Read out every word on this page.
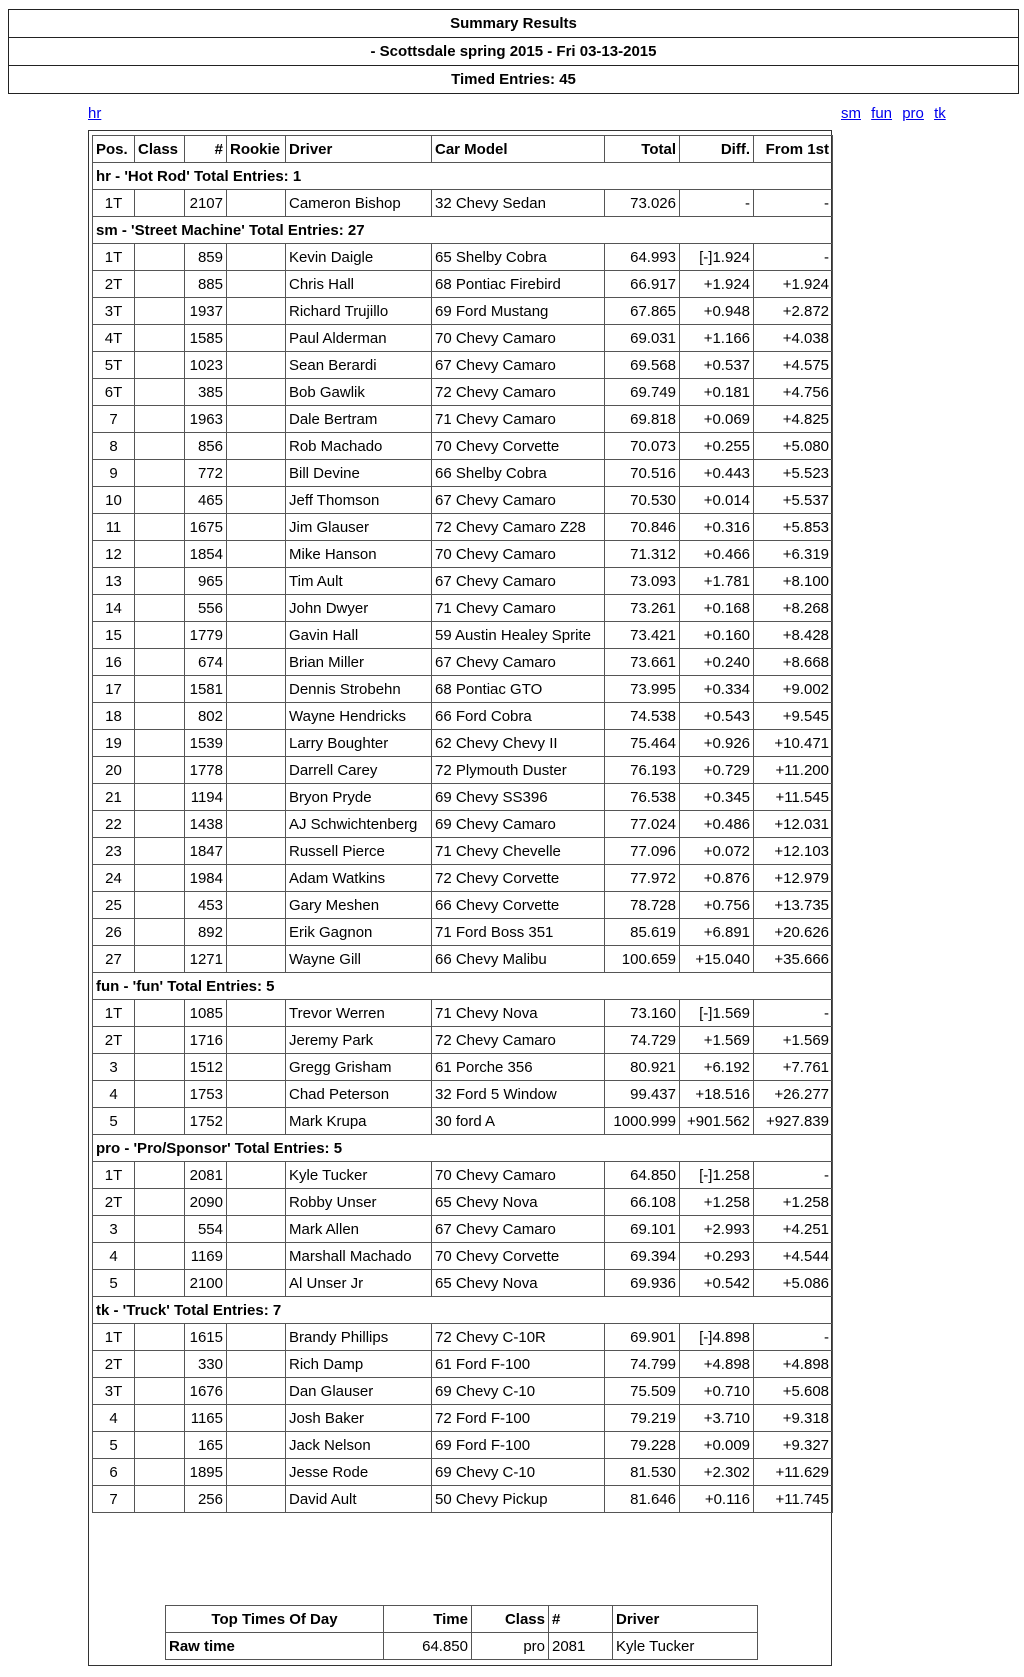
Summary Results
- Scottsdale spring 2015 - Fri 03-13-2015
Timed Entries: 45
hr	sm fun pro tk
Pos.	Class	#	Rookie	Driver	Car Model	Total	Diff.	From 1st
hr - 'Hot Rod' Total Entries: 1								
1T		2107		Cameron Bishop	32 Chevy Sedan	73.026	-	-
sm - 'Street Machine' Total Entries: 27								
1T		859		Kevin Daigle	65 Shelby Cobra	64.993	[-]1.924	-
2T		885		Chris Hall	68 Pontiac Firebird	66.917	+1.924	+1.924
3T		1937		Richard Trujillo	69 Ford Mustang	67.865	+0.948	+2.872
4T		1585		Paul Alderman	70 Chevy Camaro	69.031	+1.166	+4.038
5T		1023		Sean Berardi	67 Chevy Camaro	69.568	+0.537	+4.575
6T		385		Bob Gawlik	72 Chevy Camaro	69.749	+0.181	+4.756
7		1963		Dale Bertram	71 Chevy Camaro	69.818	+0.069	+4.825
8		856		Rob Machado	70 Chevy Corvette	70.073	+0.255	+5.080
9		772		Bill Devine	66 Shelby Cobra	70.516	+0.443	+5.523
10		465		Jeff Thomson	67 Chevy Camaro	70.530	+0.014	+5.537
11		1675		Jim Glauser	72 Chevy Camaro Z28	70.846	+0.316	+5.853
12		1854		Mike Hanson	70 Chevy Camaro	71.312	+0.466	+6.319
13		965		Tim Ault	67 Chevy Camaro	73.093	+1.781	+8.100
14		556		John Dwyer	71 Chevy Camaro	73.261	+0.168	+8.268
15		1779		Gavin Hall	59 Austin Healey Sprite	73.421	+0.160	+8.428
16		674		Brian Miller	67 Chevy Camaro	73.661	+0.240	+8.668
17		1581		Dennis Strobehn	68 Pontiac GTO	73.995	+0.334	+9.002
18		802		Wayne Hendricks	66 Ford Cobra	74.538	+0.543	+9.545
19		1539		Larry Boughter	62 Chevy Chevy II	75.464	+0.926	+10.471
20		1778		Darrell Carey	72 Plymouth Duster	76.193	+0.729	+11.200
21		1194		Bryon Pryde	69 Chevy SS396	76.538	+0.345	+11.545
22		1438		AJ Schwichtenberg	69 Chevy Camaro	77.024	+0.486	+12.031
23		1847		Russell Pierce	71 Chevy Chevelle	77.096	+0.072	+12.103
24		1984		Adam Watkins	72 Chevy Corvette	77.972	+0.876	+12.979
25		453		Gary Meshen	66 Chevy Corvette	78.728	+0.756	+13.735
26		892		Erik Gagnon	71 Ford Boss 351	85.619	+6.891	+20.626
27		1271		Wayne Gill	66 Chevy Malibu	100.659	+15.040	+35.666
fun - 'fun' Total Entries: 5								
1T		1085		Trevor Werren	71 Chevy Nova	73.160	[-]1.569	-
2T		1716		Jeremy Park	72 Chevy Camaro	74.729	+1.569	+1.569
3		1512		Gregg Grisham	61 Porche 356	80.921	+6.192	+7.761
4		1753		Chad Peterson	32 Ford 5 Window	99.437	+18.516	+26.277
5		1752		Mark Krupa	30 ford A	1000.999	+901.562	+927.839
pro - 'Pro/Sponsor' Total Entries: 5								
1T		2081		Kyle Tucker	70 Chevy Camaro	64.850	[-]1.258	-
2T		2090		Robby Unser	65 Chevy Nova	66.108	+1.258	+1.258
3		554		Mark Allen	67 Chevy Camaro	69.101	+2.993	+4.251
4		1169		Marshall Machado	70 Chevy Corvette	69.394	+0.293	+4.544
5		2100		Al Unser Jr	65 Chevy Nova	69.936	+0.542	+5.086
tk - 'Truck' Total Entries: 7								
1T		1615		Brandy Phillips	72 Chevy C-10R	69.901	[-]4.898	-
2T		330		Rich Damp	61 Ford F-100	74.799	+4.898	+4.898
3T		1676		Dan Glauser	69 Chevy C-10	75.509	+0.710	+5.608
4		1165		Josh Baker	72 Ford F-100	79.219	+3.710	+9.318
5		165		Jack Nelson	69 Ford F-100	79.228	+0.009	+9.327
6		1895		Jesse Rode	69 Chevy C-10	81.530	+2.302	+11.629
7		256		David Ault	50 Chevy Pickup	81.646	+0.116	+11.745
Top Times Of Day	Time	Class	#	Driver
Raw time	64.850	pro	2081	Kyle Tucker
